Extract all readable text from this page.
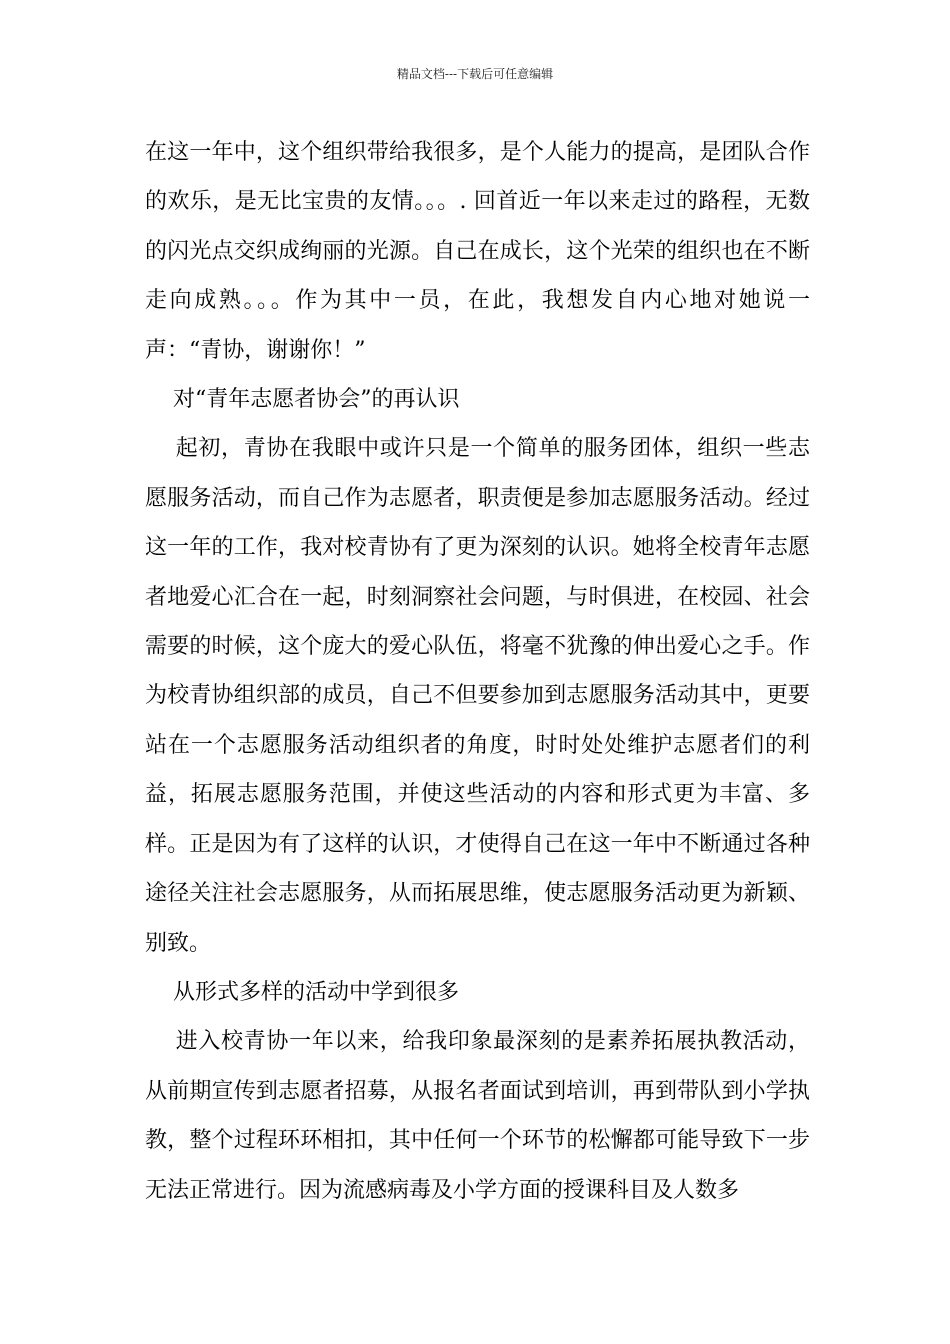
精品文档---下载后可任意编辑

在这一年中，这个组织带给我很多，是个人能力的提高，是团队合作的欢乐，是无比宝贵的友情。。。. 回首近一年以来走过的路程，无数的闪光点交织成绚丽的光源。自己在成长，这个光荣的组织也在不断走向成熟。。。作为其中一员，在此，我想发自内心地对她说一声：“青协，谢谢你！”

对“青年志愿者协会”的再认识

起初，青协在我眼中或许只是一个简单的服务团体，组织一些志愿服务活动，而自己作为志愿者，职责便是参加志愿服务活动。经过这一年的工作，我对校青协有了更为深刻的认识。她将全校青年志愿者地爱心汇合在一起，时刻洞察社会问题，与时俱进，在校园、社会需要的时候，这个庞大的爱心队伍，将毫不犹豫的伸出爱心之手。作为校青协组织部的成员，自己不但要参加到志愿服务活动其中，更要站在一个志愿服务活动组织者的角度，时时处处维护志愿者们的利益，拓展志愿服务范围，并使这些活动的内容和形式更为丰富、多样。正是因为有了这样的认识，才使得自己在这一年中不断通过各种途径关注社会志愿服务，从而拓展思维，使志愿服务活动更为新颖、别致。

从形式多样的活动中学到很多

进入校青协一年以来，给我印象最深刻的是素养拓展执教活动，从前期宣传到志愿者招募，从报名者面试到培训，再到带队到小学执教，整个过程环环相扣，其中任何一个环节的松懈都可能导致下一步无法正常进行。因为流感病毒及小学方面的授课科目及人数多
